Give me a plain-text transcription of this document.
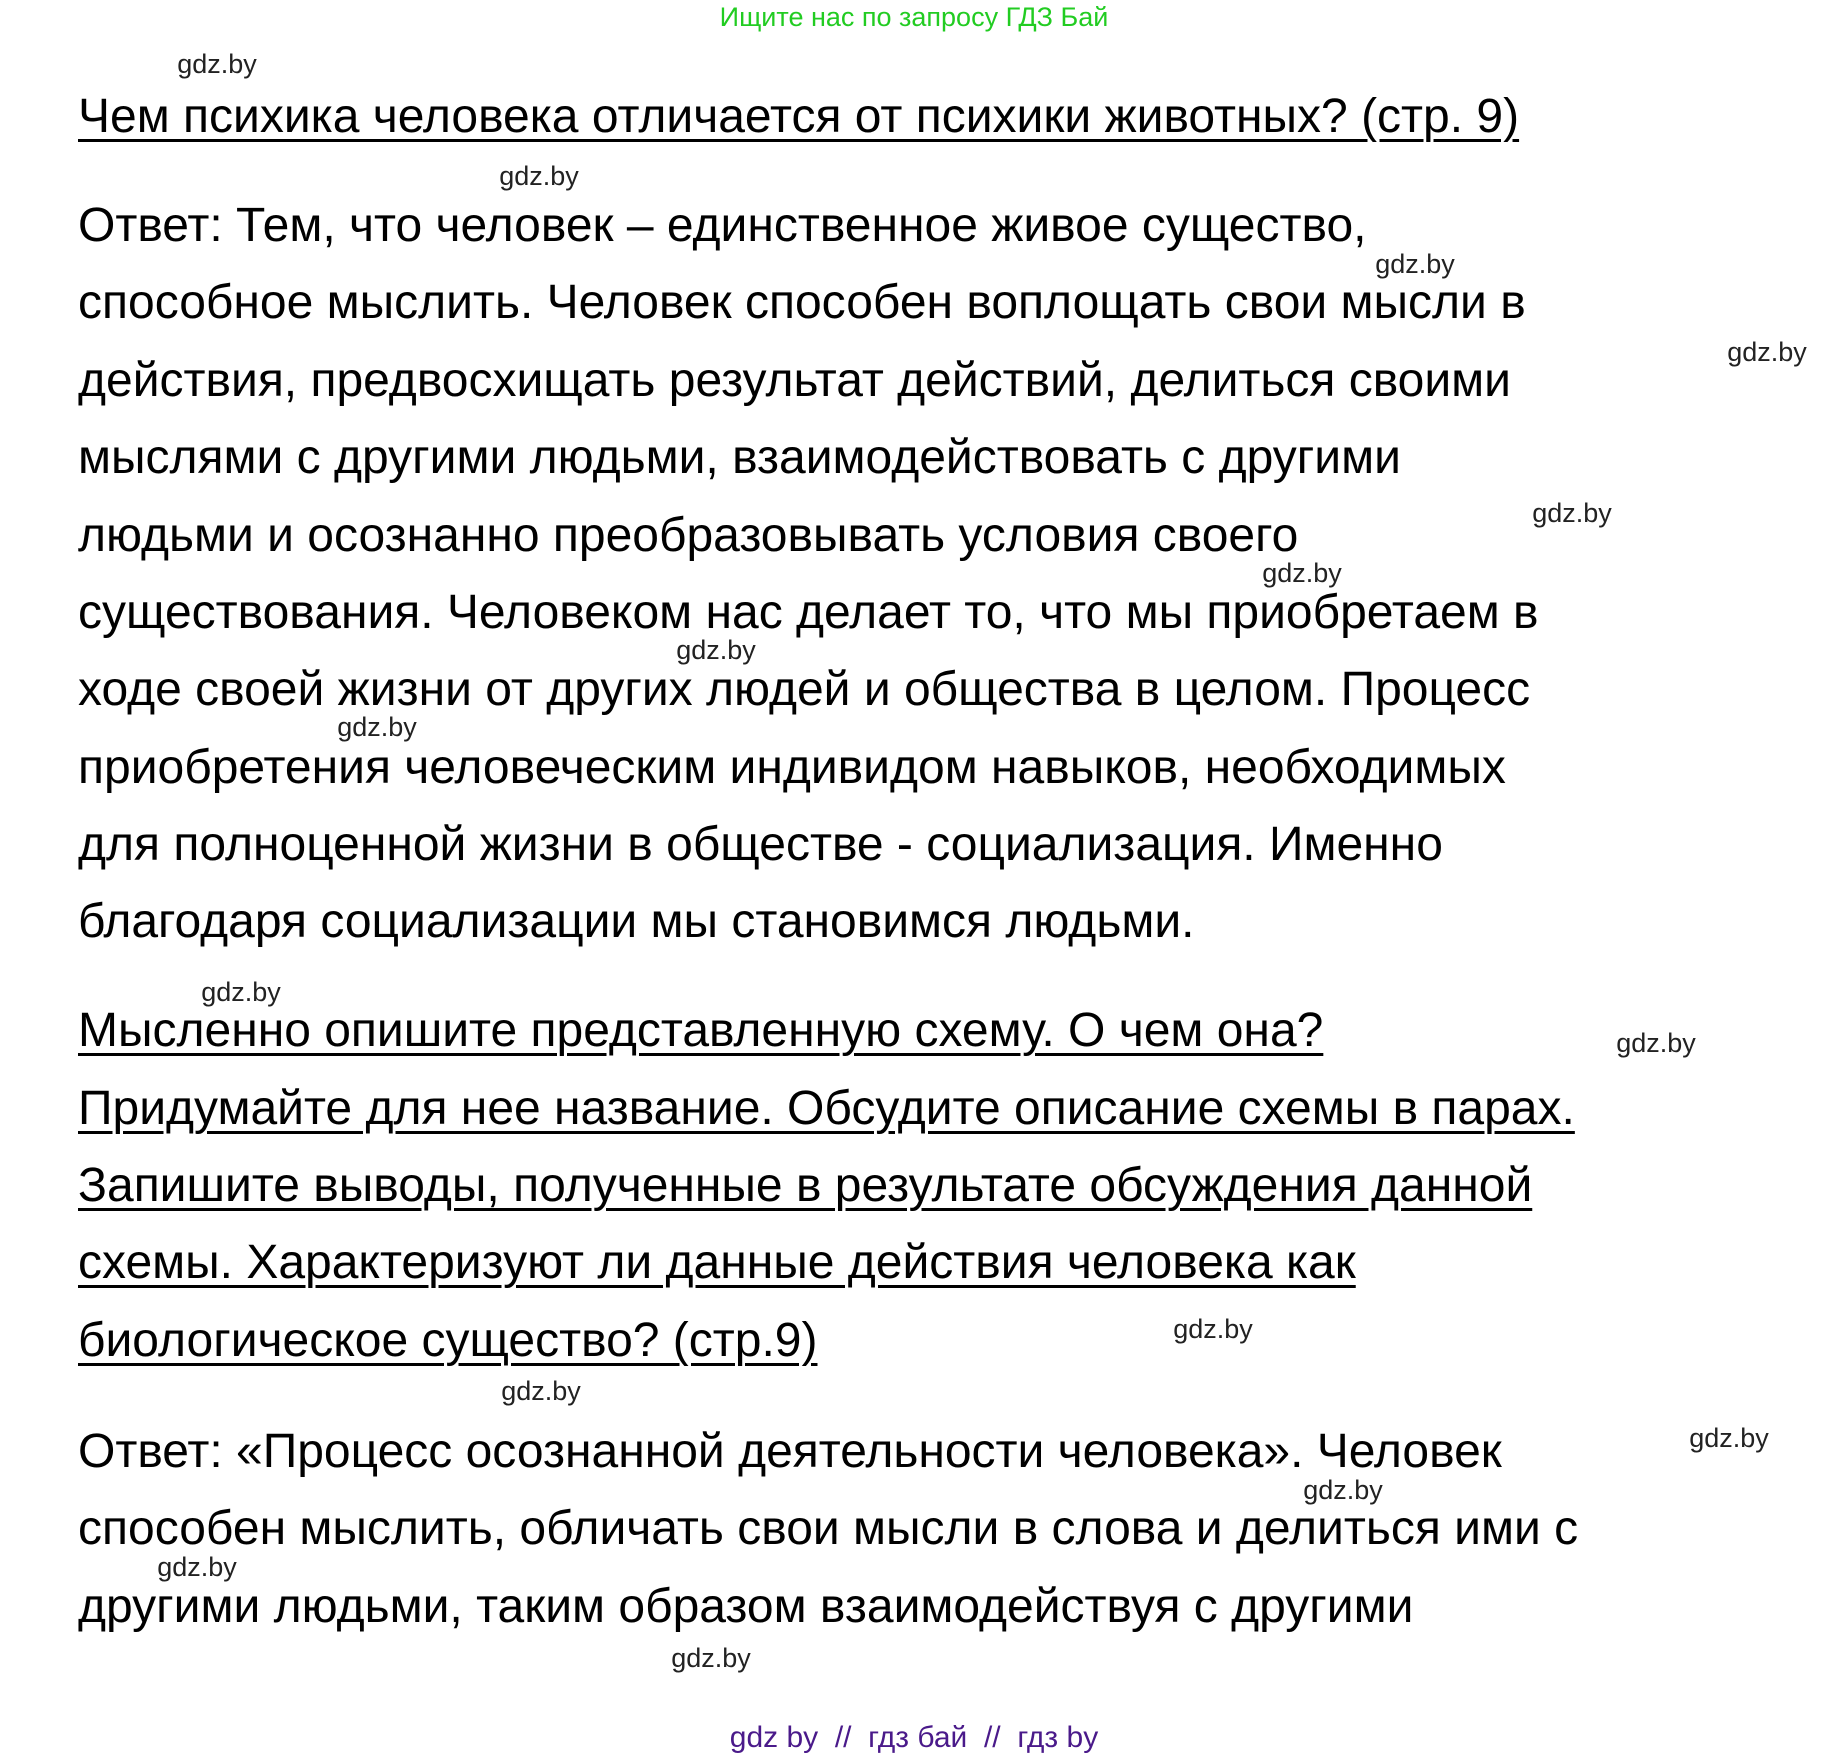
Ищите нас по запросу ГДЗ Бай
Чем психика человека отличается от психики животных? (стр. 9)
Ответ: Тем, что человек – единственное живое существо,
способное мыслить. Человек способен воплощать свои мысли в
действия, предвосхищать результат действий, делиться своими
мыслями с другими людьми, взаимодействовать с другими
людьми и осознанно преобразовывать условия своего
существования. Человеком нас делает то, что мы приобретаем в
ходе своей жизни от других людей и общества в целом. Процесс
приобретения человеческим индивидом навыков, необходимых
для полноценной жизни в обществе - социализация. Именно
благодаря социализации мы становимся людьми.
Мысленно опишите представленную схему. О чем она?
Придумайте для нее название. Обсудите описание схемы в парах.
Запишите выводы, полученные в результате обсуждения данной
схемы. Характеризуют ли данные действия человека как
биологическое существо? (стр.9)
Ответ: «Процесс осознанной деятельности человека». Человек
способен мыслить, обличать свои мысли в слова и делиться ими с
другими людьми, таким образом взаимодействуя с другими
gdz.by
gdz.by
gdz.by
gdz.by
gdz.by
gdz.by
gdz.by
gdz.by
gdz.by
gdz.by
gdz.by
gdz.by
gdz.by
gdz.by
gdz.by
gdz.by
gdz by  //  гдз бай  //  гдз by
